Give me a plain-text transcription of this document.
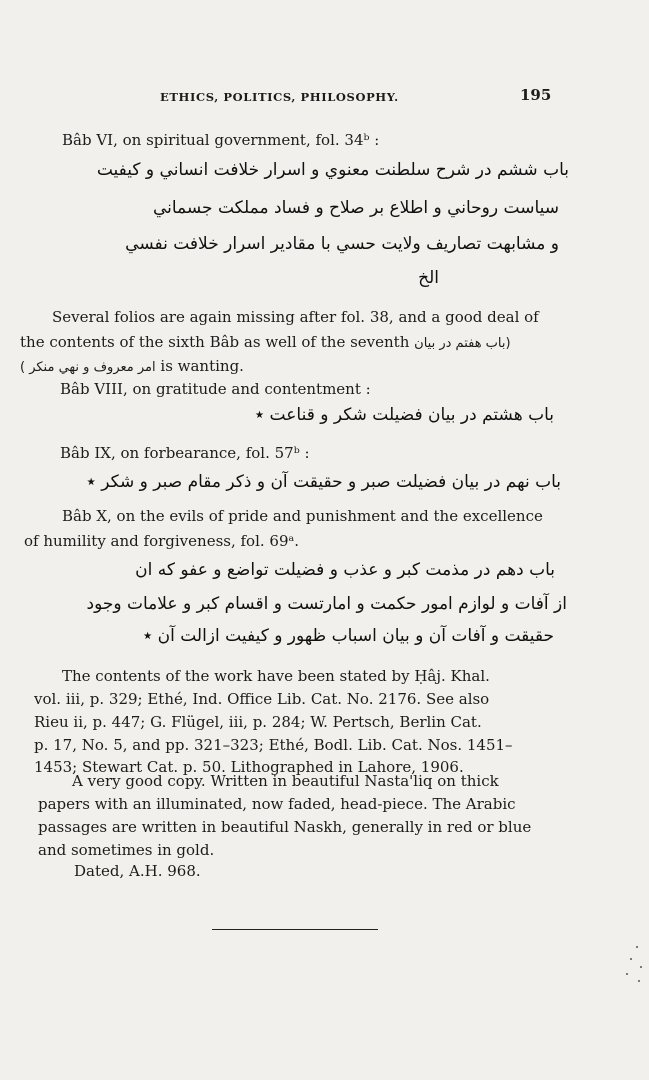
ETHICS, POLITICS, PHILOSOPHY.	195
Bâb VI, on spiritual government, fol. 34ᵇ :
باب ششم در شرح سلطنت معنوي و اسرار خلافت انساني و كيفيت
سياست روحاني و اطلاع بر صلاح و فساد مملكت جسماني
و مشابهت تصاريف ولايت حسي با مقادير اسرار خلافت نفسي
الخ
Several folios are again missing after fol. 38, and a good deal of
the contents of the sixth Bâb as well of the seventh (باب هفتم در بيان
امر معروف و نهي منكر ) is wanting.
Bâb VIII, on gratitude and contentment :
باب هشتم در بيان فضيلت شكر و قناعت ٭
Bâb IX, on forbearance, fol. 57ᵇ :
باب نهم در بيان فضيلت صبر و حقيقت آن و ذكر مقام صبر و شكر ٭
Bâb X, on the evils of pride and punishment and the excellence
of humility and forgiveness, fol. 69ᵃ.
باب دهم در مذمت كبر و عذب و فضيلت تواضع و عفو كه ان
از آفات و لوازم امور حكمت و امارتست و اقسام كبر و علامات وجود
حقيقت و آفات آن و بيان اسباب ظهور و كيفيت ازالت آن ٭
The contents of the work have been stated by Ḥâj. Khal.
vol. iii, p. 329; Ethé, Ind. Office Lib. Cat. No. 2176. See also
Rieu ii, p. 447; G. Flügel, iii, p. 284; W. Pertsch, Berlin Cat.
p. 17, No. 5, and pp. 321–323; Ethé, Bodl. Lib. Cat. Nos. 1451–
1453; Stewart Cat. p. 50. Lithographed in Lahore, 1906.
A very good copy. Written in beautiful Nasta'liq on thick
papers with an illuminated, now faded, head-piece. The Arabic
passages are written in beautiful Naskh, generally in red or blue
and sometimes in gold.
Dated, A.H. 968.
